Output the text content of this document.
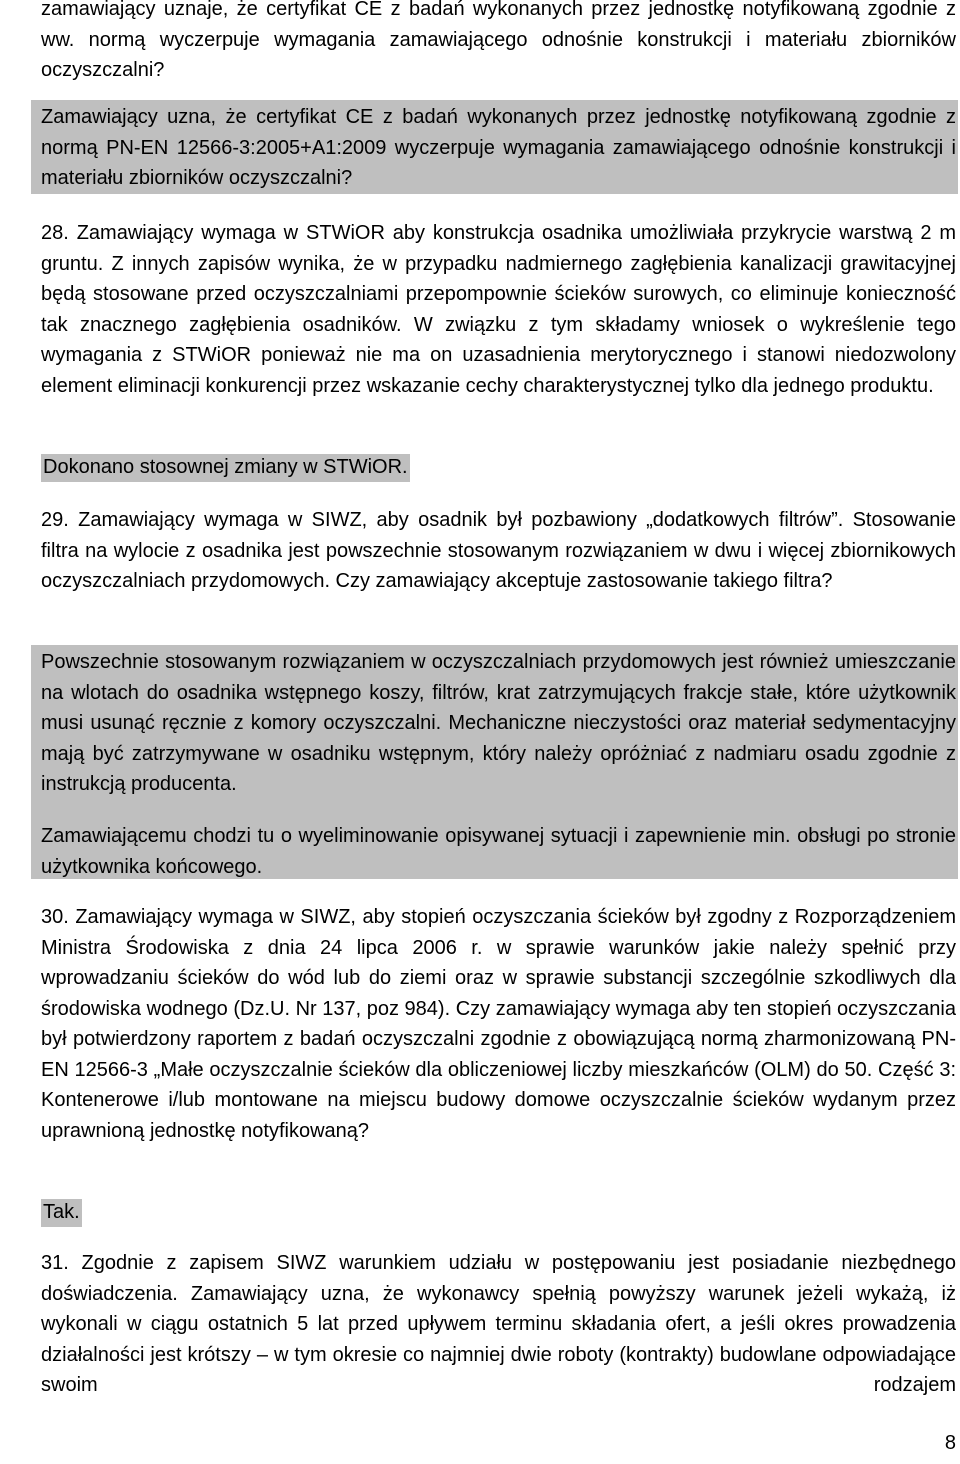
zamawiający uznaje, że certyfikat CE z badań wykonanych przez jednostkę notyfikowaną zgodnie z ww. normą wyczerpuje wymagania zamawiającego odnośnie konstrukcji i materiału zbiorników oczyszczalni?

Zamawiający uzna, że certyfikat CE z badań wykonanych przez jednostkę notyfikowaną zgodnie z normą PN-EN 12566-3:2005+A1:2009 wyczerpuje wymagania zamawiającego odnośnie konstrukcji i materiału zbiorników oczyszczalni?

28. Zamawiający wymaga w STWiOR aby konstrukcja osadnika umożliwiała przykrycie warstwą 2 m gruntu. Z innych zapisów wynika, że w przypadku nadmiernego zagłębienia kanalizacji grawitacyjnej będą stosowane przed oczyszczalniami przepompownie ścieków surowych, co eliminuje konieczność tak znacznego zagłębienia osadników. W związku z tym składamy wniosek o wykreślenie tego wymagania z STWiOR ponieważ nie ma on uzasadnienia merytorycznego i stanowi niedozwolony element eliminacji konkurencji przez wskazanie cechy charakterystycznej tylko dla jednego produktu.

Dokonano stosownej zmiany w STWiOR.

29. Zamawiający wymaga w SIWZ, aby osadnik był pozbawiony „dodatkowych filtrów”. Stosowanie filtra na wylocie z osadnika jest powszechnie stosowanym rozwiązaniem w dwu i więcej zbiornikowych oczyszczalniach przydomowych. Czy zamawiający akceptuje zastosowanie takiego filtra?

Powszechnie stosowanym rozwiązaniem w oczyszczalniach przydomowych jest również umieszczanie na wlotach do osadnika wstępnego koszy, filtrów, krat zatrzymujących frakcje stałe, które użytkownik musi usunąć ręcznie z komory oczyszczalni. Mechaniczne nieczystości oraz materiał sedymentacyjny mają być zatrzymywane w osadniku wstępnym, który należy opróżniać z nadmiaru osadu zgodnie z instrukcją producenta.

Zamawiającemu chodzi tu o wyeliminowanie opisywanej sytuacji i zapewnienie min. obsługi po stronie użytkownika końcowego.

30. Zamawiający wymaga w SIWZ, aby stopień oczyszczania ścieków był zgodny z Rozporządzeniem Ministra Środowiska z dnia 24 lipca 2006 r. w sprawie warunków jakie należy spełnić przy wprowadzaniu ścieków do wód lub do ziemi oraz w sprawie substancji szczególnie szkodliwych dla środowiska wodnego (Dz.U. Nr 137, poz 984). Czy zamawiający wymaga aby ten stopień oczyszczania był potwierdzony raportem z badań oczyszczalni zgodnie z obowiązującą normą zharmonizowaną PN-EN 12566-3 „Małe oczyszczalnie ścieków dla obliczeniowej liczby mieszkańców (OLM) do 50. Część 3: Kontenerowe i/lub montowane na miejscu budowy domowe oczyszczalnie ścieków wydanym przez uprawnioną jednostkę notyfikowaną?

Tak.

31. Zgodnie z zapisem SIWZ warunkiem udziału w postępowaniu jest posiadanie niezbędnego doświadczenia. Zamawiający uzna, że wykonawcy spełnią powyższy warunek jeżeli wykażą, iż wykonali w ciągu ostatnich 5 lat przed upływem terminu składania ofert, a jeśli okres prowadzenia działalności jest krótszy – w tym okresie co najmniej dwie roboty (kontrakty) budowlane odpowiadające swoim rodzajem

8
